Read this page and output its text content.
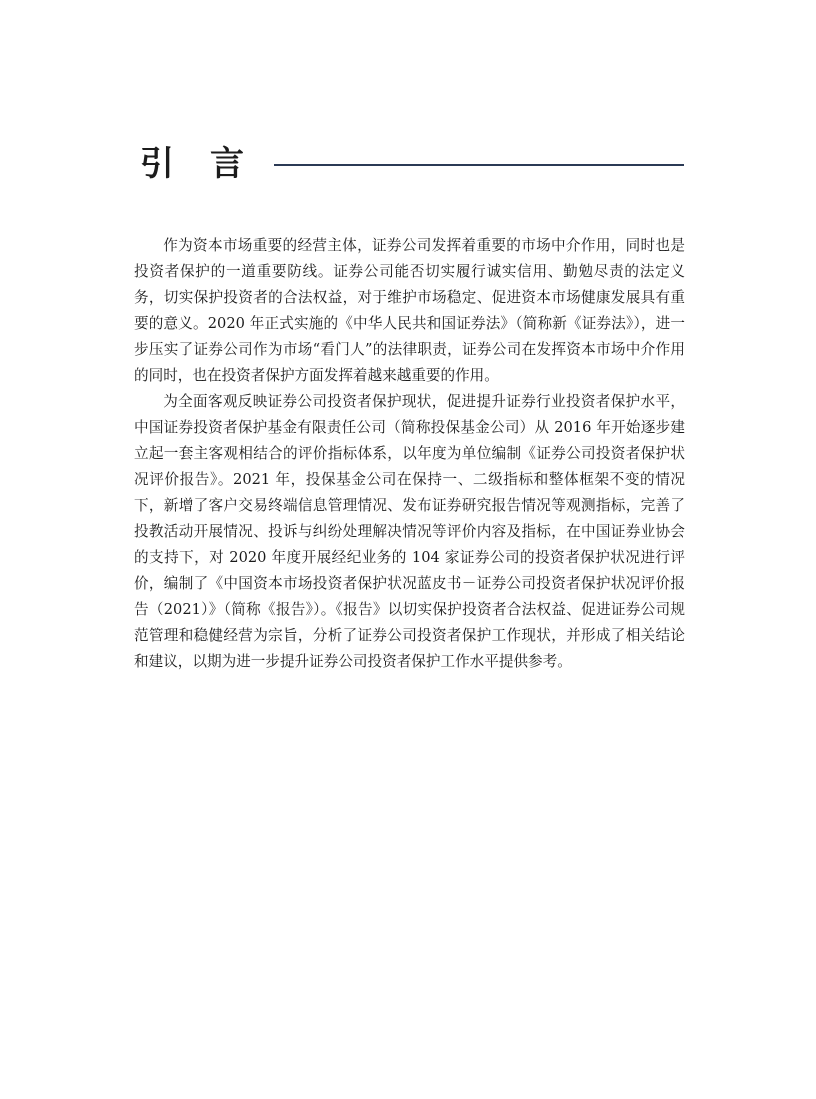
引言

作为资本市场重要的经营主体，证券公司发挥着重要的市场中介作用，同时也是投资者保护的一道重要防线。证券公司能否切实履行诚实信用、勤勉尽责的法定义务，切实保护投资者的合法权益，对于维护市场稳定、促进资本市场健康发展具有重要的意义。2020 年正式实施的《中华人民共和国证券法》（简称新《证券法》），进一步压实了证券公司作为市场“看门人”的法律职责，证券公司在发挥资本市场中介作用的同时，也在投资者保护方面发挥着越来越重要的作用。

为全面客观反映证券公司投资者保护现状，促进提升证券行业投资者保护水平，中国证券投资者保护基金有限责任公司（简称投保基金公司）从 2016 年开始逐步建立起一套主客观相结合的评价指标体系，以年度为单位编制《证券公司投资者保护状况评价报告》。2021 年，投保基金公司在保持一、二级指标和整体框架不变的情况下，新增了客户交易终端信息管理情况、发布证券研究报告情况等观测指标，完善了投教活动开展情况、投诉与纠纷处理解决情况等评价内容及指标，在中国证券业协会的支持下，对 2020 年度开展经纪业务的 104 家证券公司的投资者保护状况进行评价，编制了《中国资本市场投资者保护状况蓝皮书－证券公司投资者保护状况评价报告（2021）》（简称《报告》）。《报告》以切实保护投资者合法权益、促进证券公司规范管理和稳健经营为宗旨，分析了证券公司投资者保护工作现状，并形成了相关结论和建议，以期为进一步提升证券公司投资者保护工作水平提供参考。
